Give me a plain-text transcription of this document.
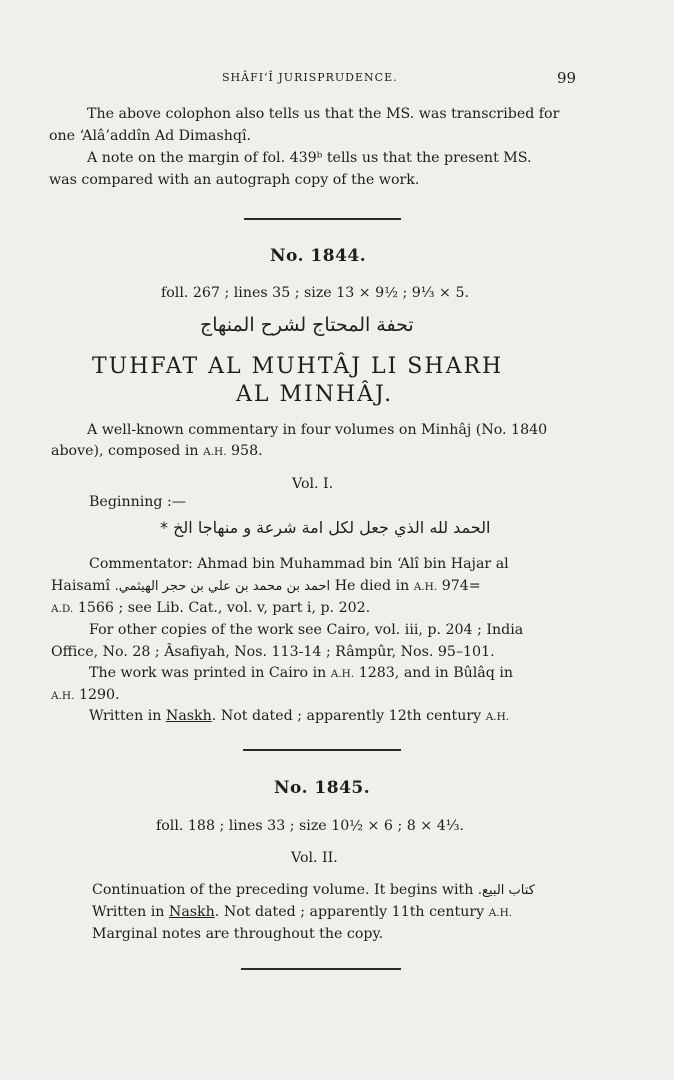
SHÂFI‘Î JURISPRUDENCE.	99
The above colophon also tells us that the MS. was transcribed for
one ‘Alâ’addîn Ad Dimashqî.
A note on the margin of fol. 439ᵇ tells us that the present MS.
was compared with an autograph copy of the work.
No. 1844.
foll. 267 ; lines 35 ; size 13 × 9½ ; 9⅓ × 5.
تحفة المحتاج لشرح المنهاج
TUHFAT AL MUHTÂJ LI SHARH
AL MINHÂJ.
A well-known commentary in four volumes on Minhâj (No. 1840
above), composed in A.H. 958.
Vol. I.
Beginning :—
الحمد لله الذي جعل لكل امة شرعة و منهاجا الخ *
Commentator: Ahmad bin Muhammad bin ‘Alî bin Hajar al
Haisamî احمد بن محمد بن علي بن حجر الهيثمي. He died in A.H. 974=
A.D. 1566 ; see Lib. Cat., vol. v, part i, p. 202.
For other copies of the work see Cairo, vol. iii, p. 204 ; India
Office, No. 28 ; Âsafiyah, Nos. 113-14 ; Râmpûr, Nos. 95–101.
The work was printed in Cairo in A.H. 1283, and in Bûlâq in
A.H. 1290.
Written in Naskh. Not dated ; apparently 12th century A.H.
No. 1845.
foll. 188 ; lines 33 ; size 10½ × 6 ; 8 × 4⅓.
Vol. II.
Continuation of the preceding volume. It begins with كتاب البيع.
Written in Naskh. Not dated ; apparently 11th century A.H.
Marginal notes are throughout the copy.
